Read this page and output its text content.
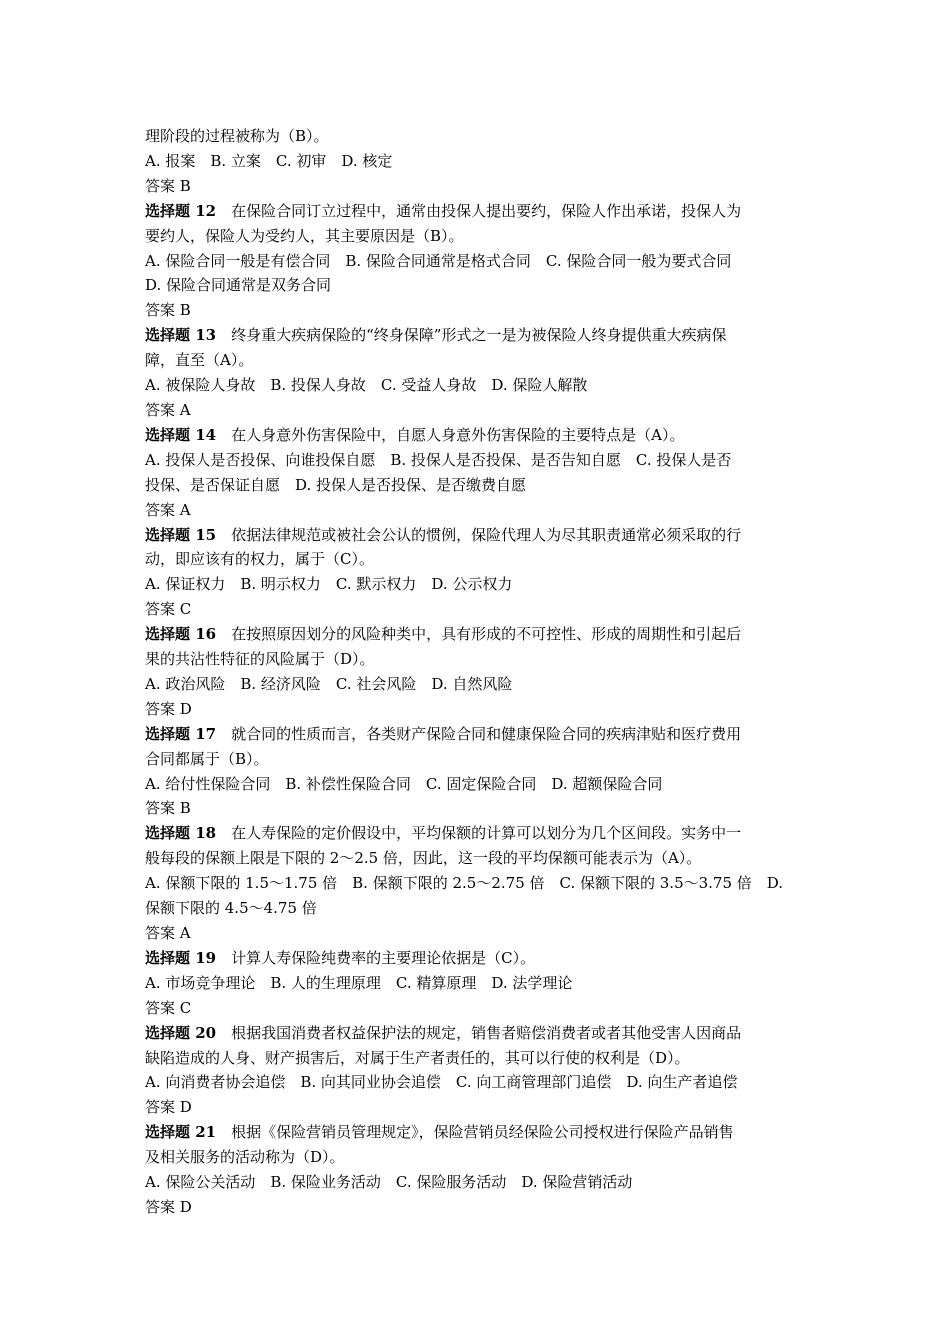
理阶段的过程被称为（B）。
A. 报案　B. 立案　C. 初审　D. 核定
答案 B
选择题 12　在保险合同订立过程中，通常由投保人提出要约，保险人作出承诺，投保人为
要约人，保险人为受约人，其主要原因是（B）。
A. 保险合同一般是有偿合同　B. 保险合同通常是格式合同　C. 保险合同一般为要式合同
D. 保险合同通常是双务合同
答案 B
选择题 13　终身重大疾病保险的“终身保障”形式之一是为被保险人终身提供重大疾病保
障，直至（A）。
A. 被保险人身故　B. 投保人身故　C. 受益人身故　D. 保险人解散
答案 A
选择题 14　在人身意外伤害保险中，自愿人身意外伤害保险的主要特点是（A）。
A. 投保人是否投保、向谁投保自愿　B. 投保人是否投保、是否告知自愿　C. 投保人是否
投保、是否保证自愿　D. 投保人是否投保、是否缴费自愿
答案 A
选择题 15　依据法律规范或被社会公认的惯例，保险代理人为尽其职责通常必须采取的行
动，即应该有的权力，属于（C）。
A. 保证权力　B. 明示权力　C. 默示权力　D. 公示权力
答案 C
选择题 16　在按照原因划分的风险种类中，具有形成的不可控性、形成的周期性和引起后
果的共沾性特征的风险属于（D）。
A. 政治风险　B. 经济风险　C. 社会风险　D. 自然风险
答案 D
选择题 17　就合同的性质而言，各类财产保险合同和健康保险合同的疾病津贴和医疗费用
合同都属于（B）。
A. 给付性保险合同　B. 补偿性保险合同　C. 固定保险合同　D. 超额保险合同
答案 B
选择题 18　在人寿保险的定价假设中，平均保额的计算可以划分为几个区间段。实务中一
般每段的保额上限是下限的 2～2.5 倍，因此，这一段的平均保额可能表示为（A）。
A. 保额下限的 1.5～1.75 倍　B. 保额下限的 2.5～2.75 倍　C. 保额下限的 3.5～3.75 倍　D.
保额下限的 4.5～4.75 倍
答案 A
选择题 19　计算人寿保险纯费率的主要理论依据是（C）。
A. 市场竞争理论　B. 人的生理原理　C. 精算原理　D. 法学理论
答案 C
选择题 20　根据我国消费者权益保护法的规定，销售者赔偿消费者或者其他受害人因商品
缺陷造成的人身、财产损害后，对属于生产者责任的，其可以行使的权利是（D）。
A. 向消费者协会追偿　B. 向其同业协会追偿　C. 向工商管理部门追偿　D. 向生产者追偿
答案 D
选择题 21　根据《保险营销员管理规定》，保险营销员经保险公司授权进行保险产品销售
及相关服务的活动称为（D）。
A. 保险公关活动　B. 保险业务活动　C. 保险服务活动　D. 保险营销活动
答案 D
